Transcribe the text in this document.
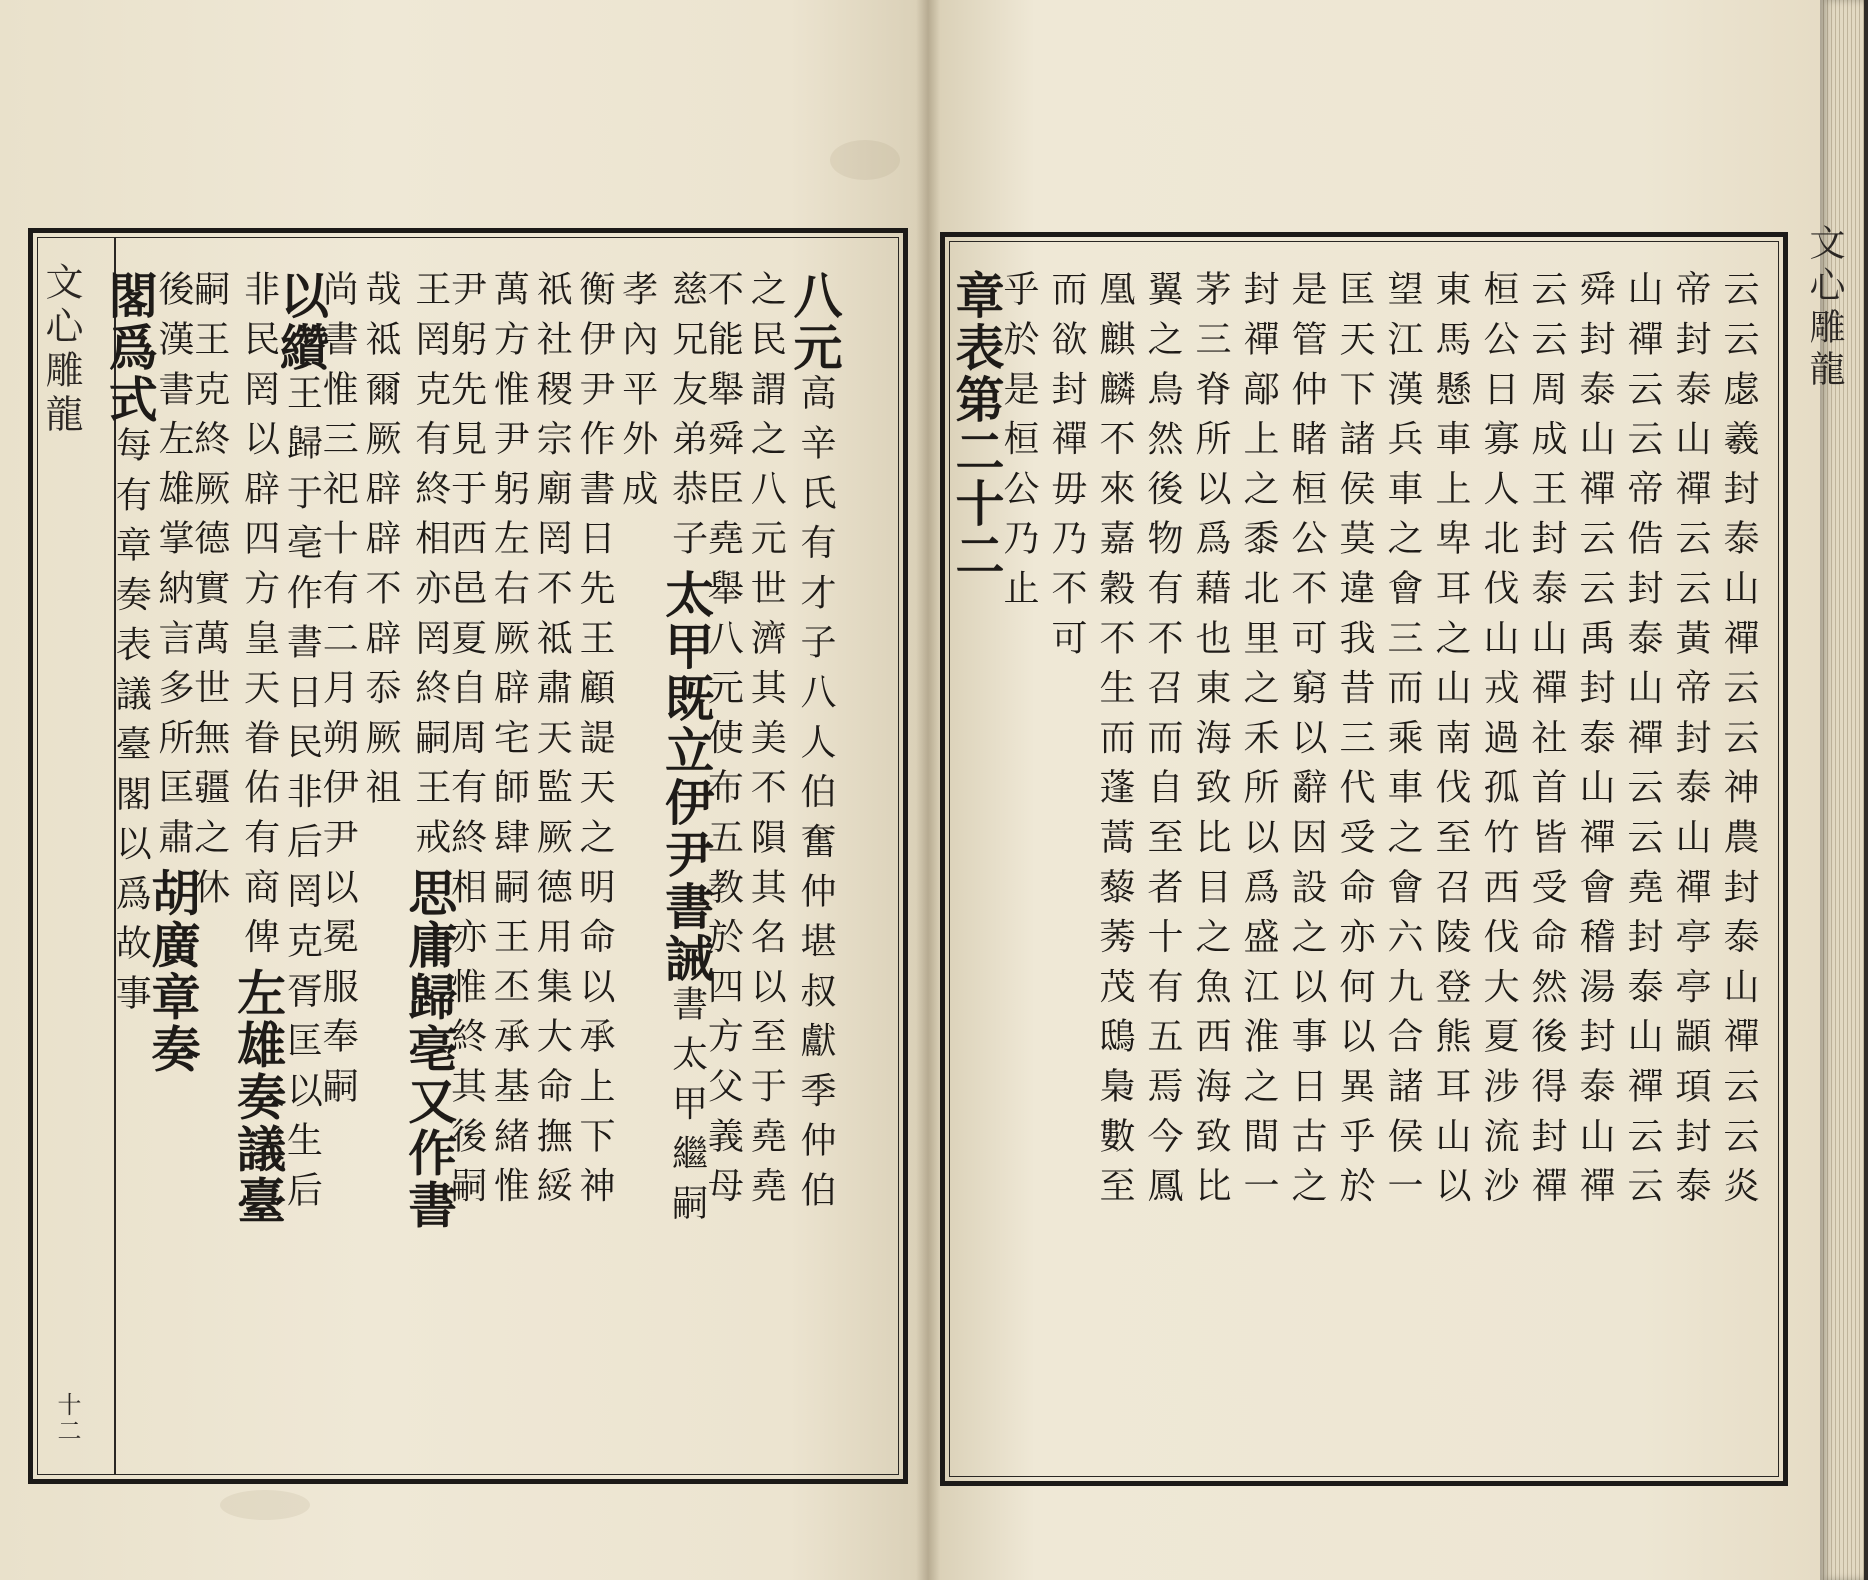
文心雕龍
十二
文心雕龍
八元高辛氏有才子八人伯奮仲堪叔獻季仲伯
之民謂之八元世濟其美不隕其名以至于堯堯
不能舉舜臣堯舉八元使布五教於四方父義母
慈兄友弟恭子太甲既立伊尹書誡書太甲繼嗣
孝內平外成
衡伊尹作書日先王顧諟天之明命以承上下神
祇社稷宗廟罔不祗肅天監厥德用集大命撫綏
萬方惟尹躬左右厥辟宅師肆嗣王丕承基緒惟
尹躬先見于西邑夏自周有終相亦惟終其後嗣
王罔克有終相亦罔終嗣王戒思庸歸亳又作書
哉祗爾厥辟辟不辟忝厥祖
尚書惟三祀十有二月朔伊尹以冕服奉嗣
以纘王歸于亳作書日民非后罔克胥匡以生后
非民罔以辟四方皇天眷佑有商俾左雄奏議臺
嗣王克終厥德實萬世無疆之休
後漢書左雄掌納言多所匡肅胡廣章奏
閣爲式每有章奏表議臺閣以爲故事	云云虙羲封泰山禪云云神農封泰山禪云云炎
帝封泰山禪云云黃帝封泰山禪亭亭顓頊封泰
山禪云云帝俈封泰山禪云云堯封泰山禪云云
舜封泰山禪云云禹封泰山禪會稽湯封泰山禪
云云周成王封泰山禪社首皆受命然後得封禪
桓公日寡人北伐山戎過孤竹西伐大夏涉流沙
東馬懸車上卑耳之山南伐至召陵登熊耳山以
望江漢兵車之會三而乘車之會六九合諸侯一
匡天下諸侯莫違我昔三代受命亦何以異乎於
是管仲睹桓公不可窮以辭因設之以事日古之
封禪鄗上之黍北里之禾所以爲盛江淮之間一
茅三脊所以爲藉也東海致比目之魚西海致比
翼之鳥然後物有不召而自至者十有五焉今鳳
凰麒麟不來嘉穀不生而蓬蒿藜莠茂鴟梟數至
而欲封禪毋乃不可
乎於是桓公乃止
章表第二十二
